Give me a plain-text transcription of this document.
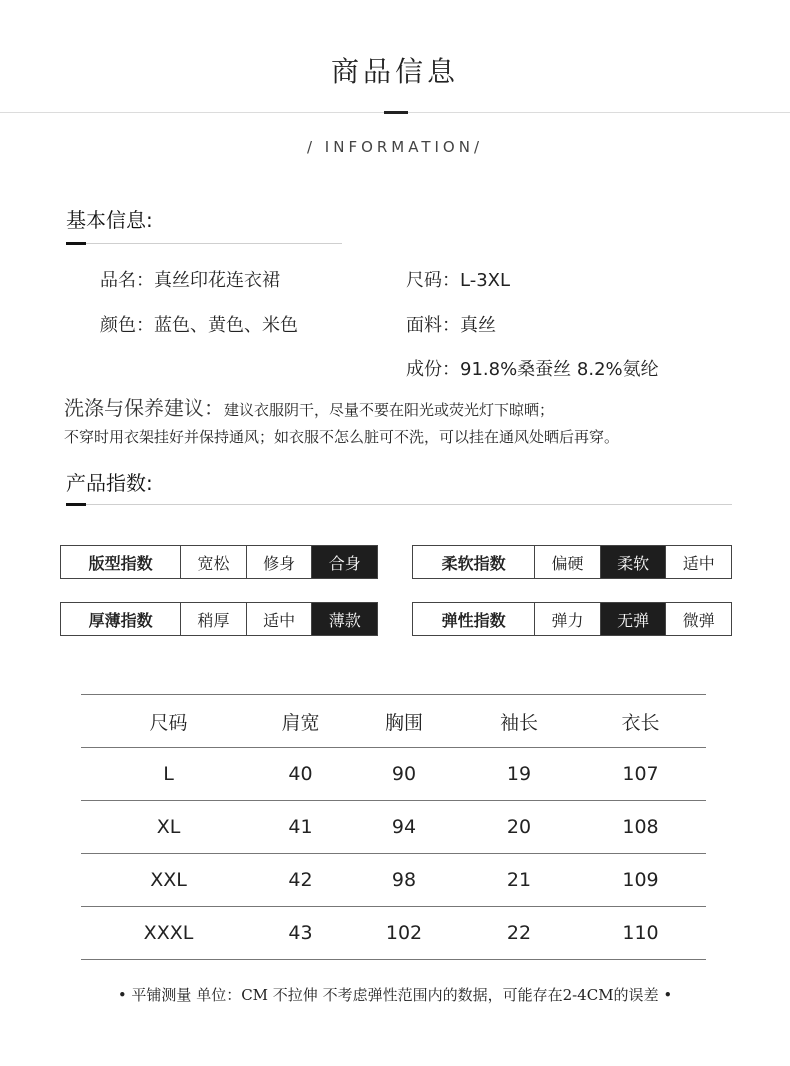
商品信息
/ INFORMATION/
基本信息:
品名：真丝印花连衣裙
颜色：蓝色、黄色、米色
尺码：L-3XL
面料：真丝
成份：91.8%桑蚕丝 8.2%氨纶
洗涤与保养建议：建议衣服阴干，尽量不要在阳光或荧光灯下晾晒；
不穿时用衣架挂好并保持通风；如衣服不怎么脏可不洗，可以挂在通风处晒后再穿。
产品指数:
版型指数	宽松	修身	合身	柔软指数	偏硬	柔软	适中
厚薄指数	稍厚	适中	薄款	弹性指数	弹力	无弹	微弹
尺码	肩宽	胸围	袖长	衣长
L	40	90	19	107
XL	41	94	20	108
XXL	42	98	21	109
XXXL	43	102	22	110
• 平铺测量 单位：CM 不拉伸 不考虑弹性范围内的数据，可能存在2-4CM的误差 •
